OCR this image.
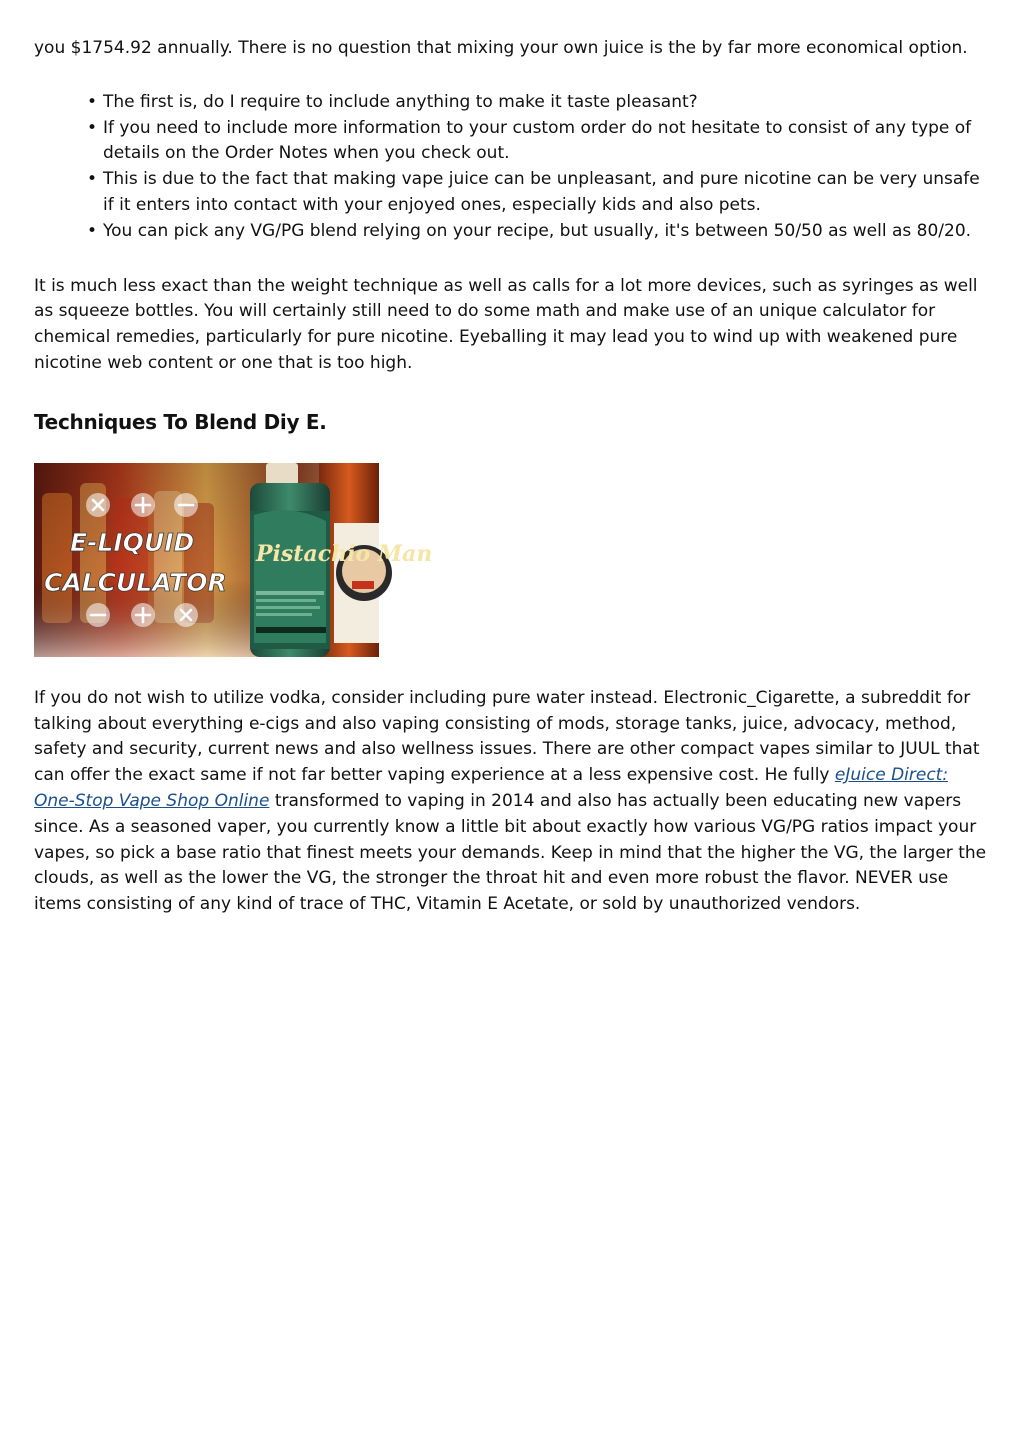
you $1754.92 annually. There is no question that mixing your own juice is the by far more economical option.

• The first is, do I require to include anything to make it taste pleasant?
• If you need to include more information to your custom order do not hesitate to consist of any type of details on the Order Notes when you check out.
• This is due to the fact that making vape juice can be unpleasant, and pure nicotine can be very unsafe if it enters into contact with your enjoyed ones, especially kids and also pets.
• You can pick any VG/PG blend relying on your recipe, but usually, it's between 50/50 as well as 80/20.

It is much less exact than the weight technique as well as calls for a lot more devices, such as syringes as well as squeeze bottles. You will certainly still need to do some math and make use of an unique calculator for chemical remedies, particularly for pure nicotine. Eyeballing it may lead you to wind up with weakened pure nicotine web content or one that is too high.

Techniques To Blend Diy E.
Pistachio Man
E-LIQUID
CALCULATOR

If you do not wish to utilize vodka, consider including pure water instead. Electronic_Cigarette, a subreddit for talking about everything e-cigs and also vaping consisting of mods, storage tanks, juice, advocacy, method, safety and security, current news and also wellness issues. There are other compact vapes similar to JUUL that can offer the exact same if not far better vaping experience at a less expensive cost. He fully eJuice Direct: One-Stop Vape Shop Online transformed to vaping in 2014 and also has actually been educating new vapers since. As a seasoned vaper, you currently know a little bit about exactly how various VG/PG ratios impact your vapes, so pick a base ratio that finest meets your demands. Keep in mind that the higher the VG, the larger the clouds, as well as the lower the VG, the stronger the throat hit and even more robust the flavor. NEVER use items consisting of any kind of trace of THC, Vitamin E Acetate, or sold by unauthorized vendors.
